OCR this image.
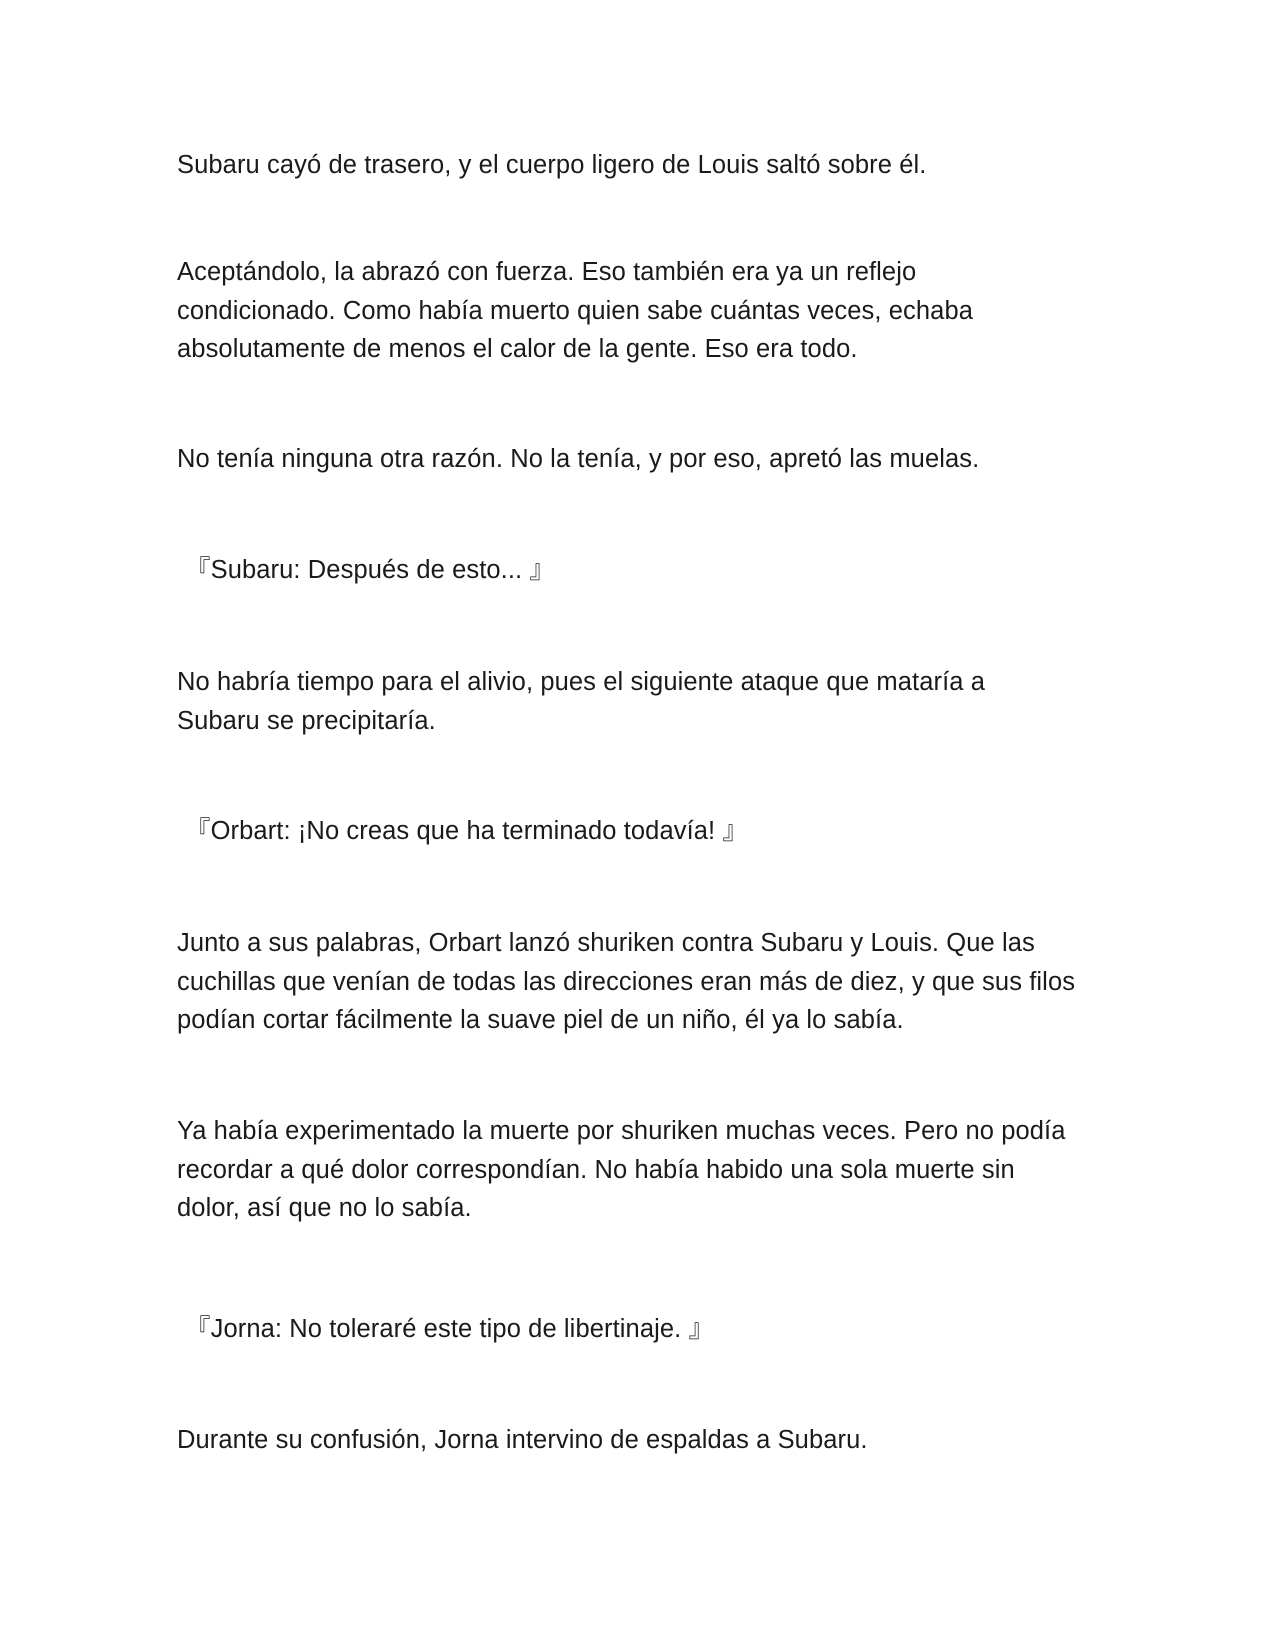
Subaru cayó de trasero, y el cuerpo ligero de Louis saltó sobre él.

Aceptándolo, la abrazó con fuerza. Eso también era ya un reflejo
condicionado. Como había muerto quien sabe cuántas veces, echaba
absolutamente de menos el calor de la gente. Eso era todo.

No tenía ninguna otra razón. No la tenía, y por eso, apretó las muelas.

『Subaru: Después de esto... 』

No habría tiempo para el alivio, pues el siguiente ataque que mataría a
Subaru se precipitaría.

『Orbart: ¡No creas que ha terminado todavía! 』

Junto a sus palabras, Orbart lanzó shuriken contra Subaru y Louis. Que las
cuchillas que venían de todas las direcciones eran más de diez, y que sus filos
podían cortar fácilmente la suave piel de un niño, él ya lo sabía.

Ya había experimentado la muerte por shuriken muchas veces. Pero no podía
recordar a qué dolor correspondían. No había habido una sola muerte sin
dolor, así que no lo sabía.

『Jorna: No toleraré este tipo de libertinaje. 』

Durante su confusión, Jorna intervino de espaldas a Subaru.
